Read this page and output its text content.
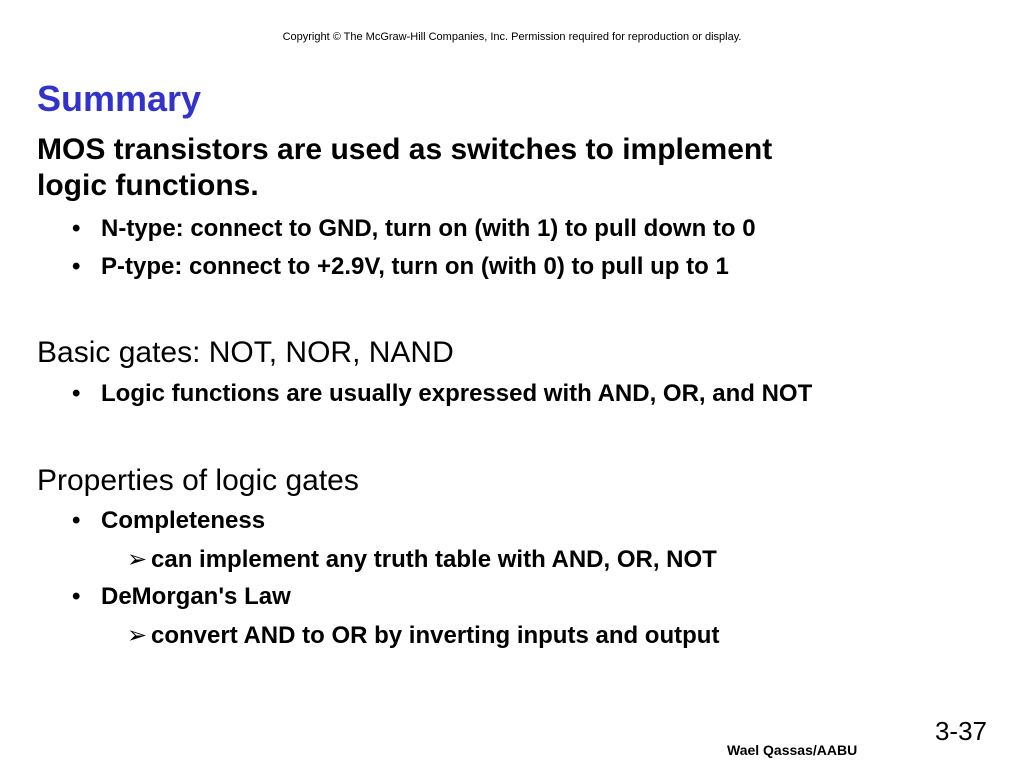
Copyright © The McGraw-Hill Companies, Inc. Permission required for reproduction or display.
Summary
MOS transistors are used as switches to implement
logic functions.
• N-type: connect to GND, turn on (with 1) to pull down to 0
• P-type: connect to +2.9V, turn on (with 0) to pull up to 1
Basic gates: NOT, NOR, NAND
• Logic functions are usually expressed with AND, OR, and NOT
Properties of logic gates
• Completeness
➢ can implement any truth table with AND, OR, NOT
• DeMorgan's Law
➢ convert AND to OR by inverting inputs and output
3-37
Wael Qassas/AABU
